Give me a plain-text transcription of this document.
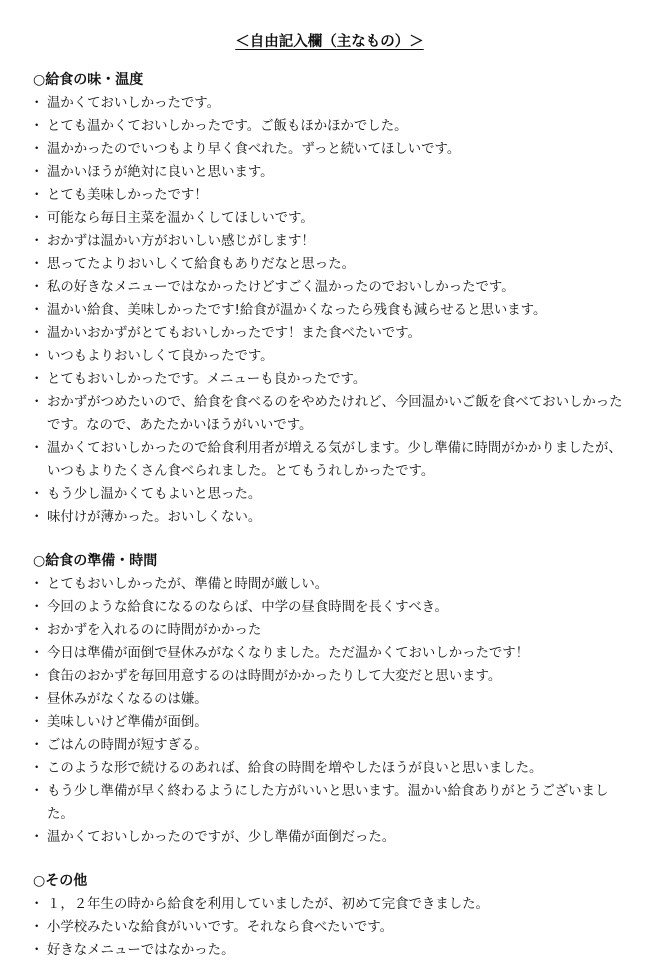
＜自由記入欄（主なもの）＞
○給食の味・温度
・ 温かくておいしかったです。
・ とても温かくておいしかったです。ご飯もほかほかでした。
・ 温かかったのでいつもより早く食べれた。ずっと続いてほしいです。
・ 温かいほうが絶対に良いと思います。
・ とても美味しかったです！
・ 可能なら毎日主菜を温かくしてほしいです。
・ おかずは温かい方がおいしい感じがします！
・ 思ってたよりおいしくて給食もありだなと思った。
・ 私の好きなメニューではなかったけどすごく温かったのでおいしかったです。
・ 温かい給食、美味しかったです!給食が温かくなったら残食も減らせると思います。
・ 温かいおかずがとてもおいしかったです！また食べたいです。
・ いつもよりおいしくて良かったです。
・ とてもおいしかったです。メニューも良かったです。
・ おかずがつめたいので、給食を食べるのをやめたけれど、今回温かいご飯を食べておいしかったです。なので、あたたかいほうがいいです。
・ 温かくておいしかったので給食利用者が増える気がします。少し準備に時間がかかりましたが、いつもよりたくさん食べられました。とてもうれしかったです。
・ もう少し温かくてもよいと思った。
・ 味付けが薄かった。おいしくない。
○給食の準備・時間
・ とてもおいしかったが、準備と時間が厳しい。
・ 今回のような給食になるのならば、中学の昼食時間を長くすべき。
・ おかずを入れるのに時間がかかった
・ 今日は準備が面倒で昼休みがなくなりました。ただ温かくておいしかったです！
・ 食缶のおかずを毎回用意するのは時間がかかったりして大変だと思います。
・ 昼休みがなくなるのは嫌。
・ 美味しいけど準備が面倒。
・ ごはんの時間が短すぎる。
・ このような形で続けるのあれば、給食の時間を増やしたほうが良いと思いました。
・ もう少し準備が早く終わるようにした方がいいと思います。温かい給食ありがとうございました。
・ 温かくておいしかったのですが、少し準備が面倒だった。
○その他
・ １，２年生の時から給食を利用していましたが、初めて完食できました。
・ 小学校みたいな給食がいいです。それなら食べたいです。
・ 好きなメニューではなかった。
